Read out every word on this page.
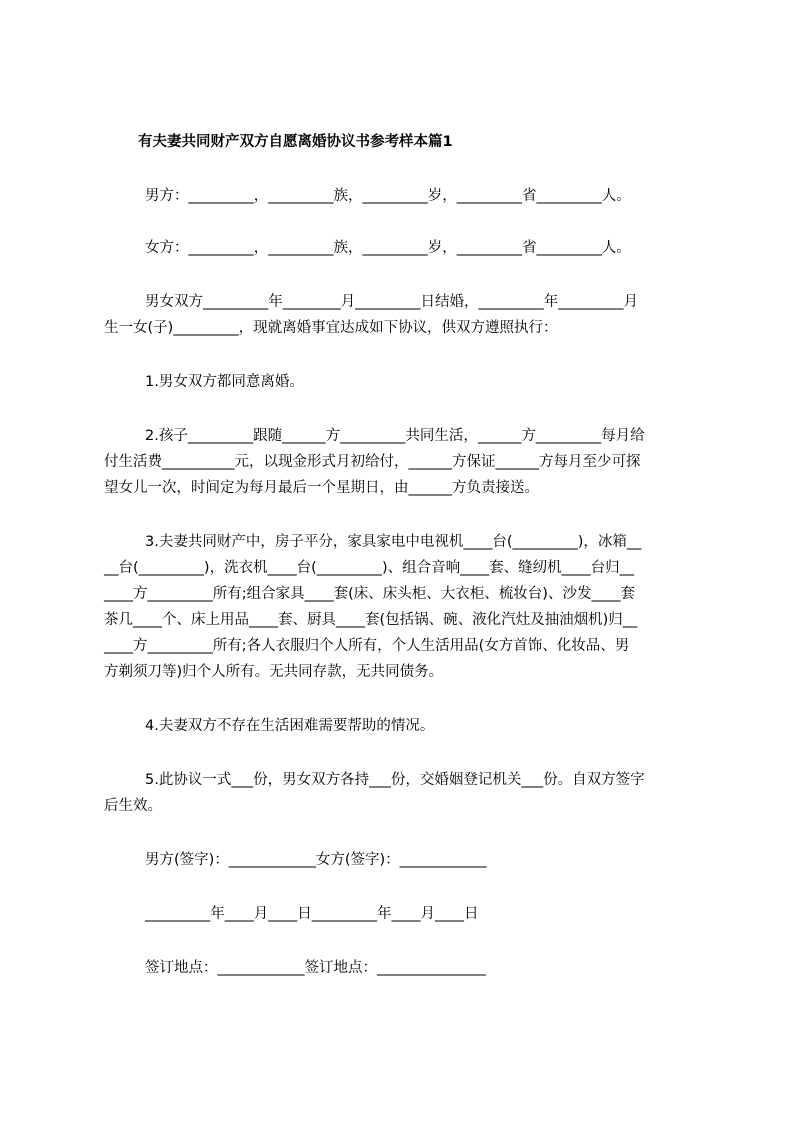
有夫妻共同财产双方自愿离婚协议书参考样本篇1

男方：_________，_________族，_________岁，_________省_________人。

女方：_________，_________族，_________岁，_________省_________人。

男女双方_________年________月_________日结婚，_________年_________月

生一女(子)_________，现就离婚事宜达成如下协议，供双方遵照执行：

1.男女双方都同意离婚。

2.孩子_________跟随______方_________共同生活，______方_________每月给

付生活费__________元，以现金形式月初给付，______方保证______方每月至少可探

望女儿一次，时间定为每月最后一个星期日，由______方负责接送。

3.夫妻共同财产中，房子平分，家具家电中电视机____台(_________)，冰箱__

__台(_________)，洗衣机____台(_________)、组合音响____套、缝纫机____台归__

____方_________所有;组合家具____套(床、床头柜、大衣柜、梳妆台)、沙发____套

茶几____个、床上用品____套、厨具____套(包括锅、碗、液化汽灶及抽油烟机)归__

____方_________所有;各人衣服归个人所有，个人生活用品(女方首饰、化妆品、男

方剃须刀等)归个人所有。无共同存款，无共同债务。

4.夫妻双方不存在生活困难需要帮助的情况。

5.此协议一式___份，男女双方各持___份，交婚姻登记机关___份。自双方签字

后生效。

男方(签字)：____________女方(签字)：____________

_________年____月____日_________年____月____日

签订地点：____________签订地点：_______________
